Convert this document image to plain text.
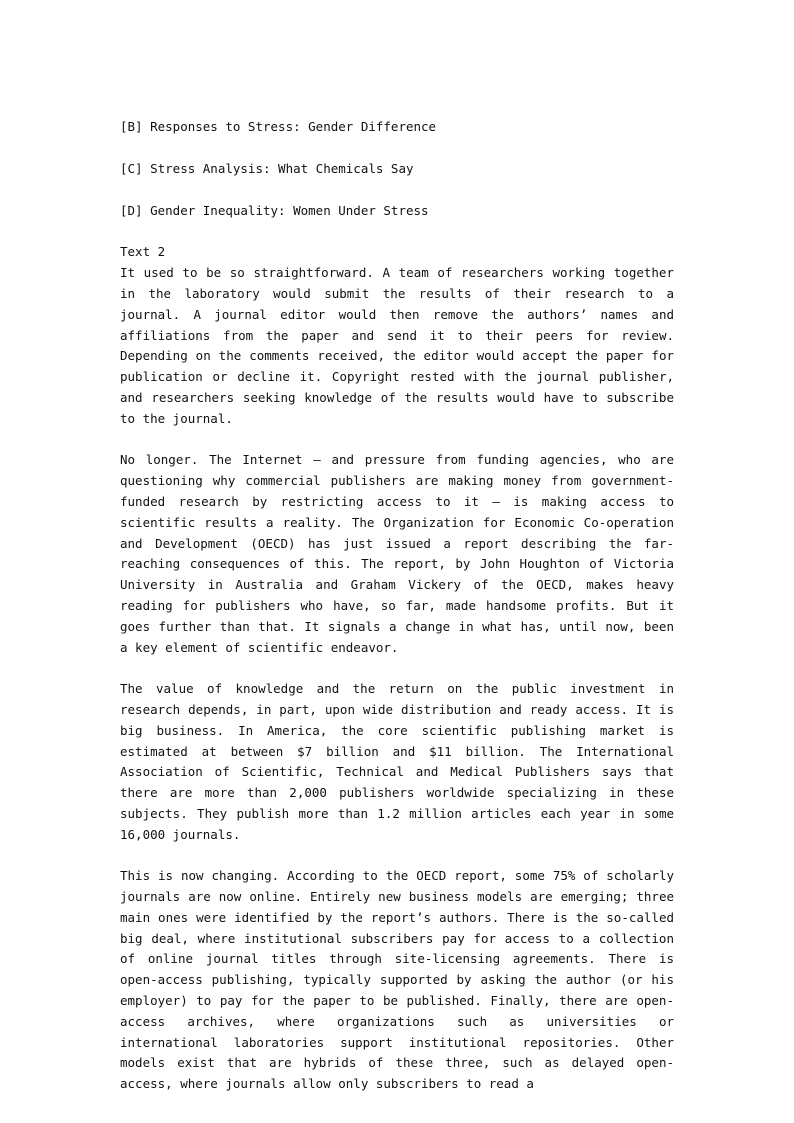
[B] Responses to Stress: Gender Difference

[C] Stress Analysis: What Chemicals Say

[D] Gender Inequality: Women Under Stress

Text 2

It used to be so straightforward. A team of researchers working together in the laboratory would submit the results of their research to a journal. A journal editor would then remove the authors’ names and affiliations from the paper and send it to their peers for review. Depending on the comments received, the editor would accept the paper for publication or decline it. Copyright rested with the journal publisher, and researchers seeking knowledge of the results would have to subscribe to the journal.

No longer. The Internet — and pressure from funding agencies, who are questioning why commercial publishers are making money from government-funded research by restricting access to it — is making access to scientific results a reality. The Organization for Economic Co-operation and Development (OECD) has just issued a report describing the far-reaching consequences of this. The report, by John Houghton of Victoria University in Australia and Graham Vickery of the OECD, makes heavy reading for publishers who have, so far, made handsome profits. But it goes further than that. It signals a change in what has, until now, been a key element of scientific endeavor.

The value of knowledge and the return on the public investment in research depends, in part, upon wide distribution and ready access. It is big business. In America, the core scientific publishing market is estimated at between $7 billion and $11 billion. The International Association of Scientific, Technical and Medical Publishers says that there are more than 2,000 publishers worldwide specializing in these subjects. They publish more than 1.2 million articles each year in some 16,000 journals.

This is now changing. According to the OECD report, some 75% of scholarly journals are now online. Entirely new business models are emerging; three main ones were identified by the report’s authors. There is the so-called big deal, where institutional subscribers pay for access to a collection of online journal titles through site-licensing agreements. There is open-access publishing, typically supported by asking the author (or his employer) to pay for the paper to be published. Finally, there are open-access archives, where organizations such as universities or international laboratories support institutional repositories. Other models exist that are hybrids of these three, such as delayed open-access, where journals allow only subscribers to read a
